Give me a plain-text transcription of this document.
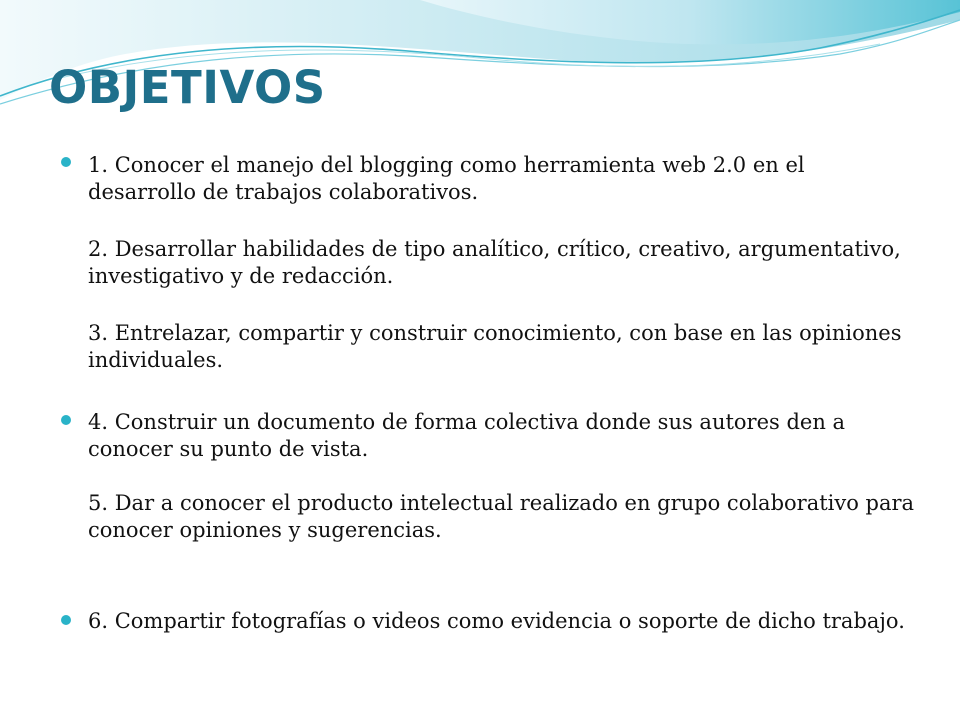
OBJETIVOS
1. Conocer el manejo del blogging como herramienta web 2.0 en el desarrollo de trabajos colaborativos.
2. Desarrollar habilidades de tipo analítico, crítico, creativo, argumentativo, investigativo y de redacción.
3. Entrelazar, compartir y construir conocimiento, con base en las opiniones individuales.
4. Construir un documento de forma colectiva donde sus autores den a conocer su punto de vista.
5. Dar a conocer el producto intelectual realizado en grupo colaborativo para conocer opiniones y sugerencias.
6. Compartir fotografías o videos como evidencia o soporte de dicho trabajo.
